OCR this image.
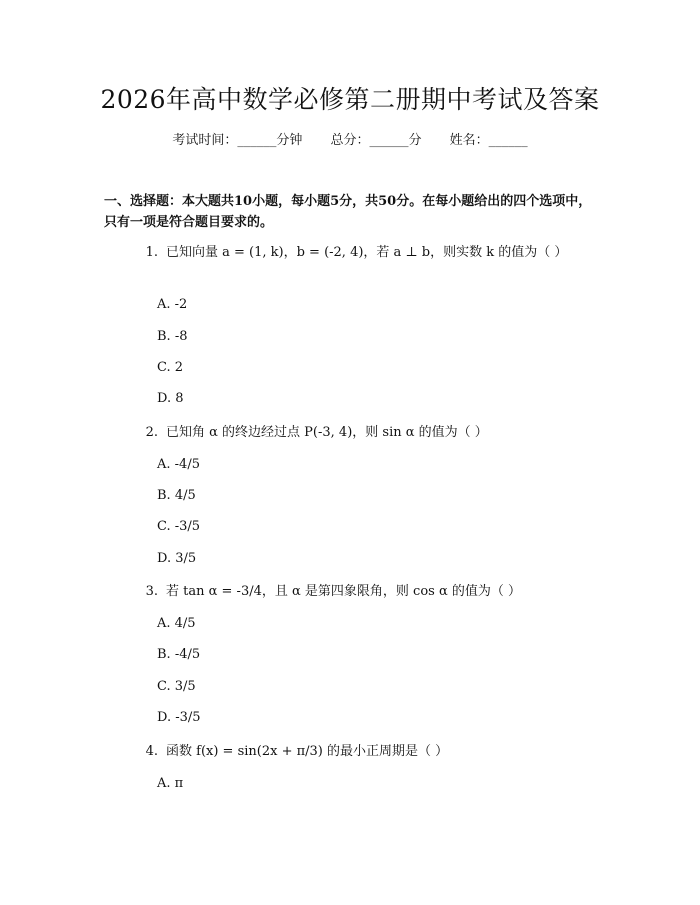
2026年高中数学必修第二册期中考试及答案
考试时间：______分钟 总分：______分 姓名：______
一、选择题：本大题共10小题，每小题5分，共50分。在每小题给出的四个选项中，只有一项是符合题目要求的。
1. 已知向量 a = (1, k)，b = (-2, 4)，若 a ⊥ b，则实数 k 的值为（ ）
A. -2
B. -8
C. 2
D. 8
2. 已知角 α 的终边经过点 P(-3, 4)，则 sin α 的值为（ ）
A. -4/5
B. 4/5
C. -3/5
D. 3/5
3. 若 tan α = -3/4，且 α 是第四象限角，则 cos α 的值为（ ）
A. 4/5
B. -4/5
C. 3/5
D. -3/5
4. 函数 f(x) = sin(2x + π/3) 的最小正周期是（ ）
A. π
